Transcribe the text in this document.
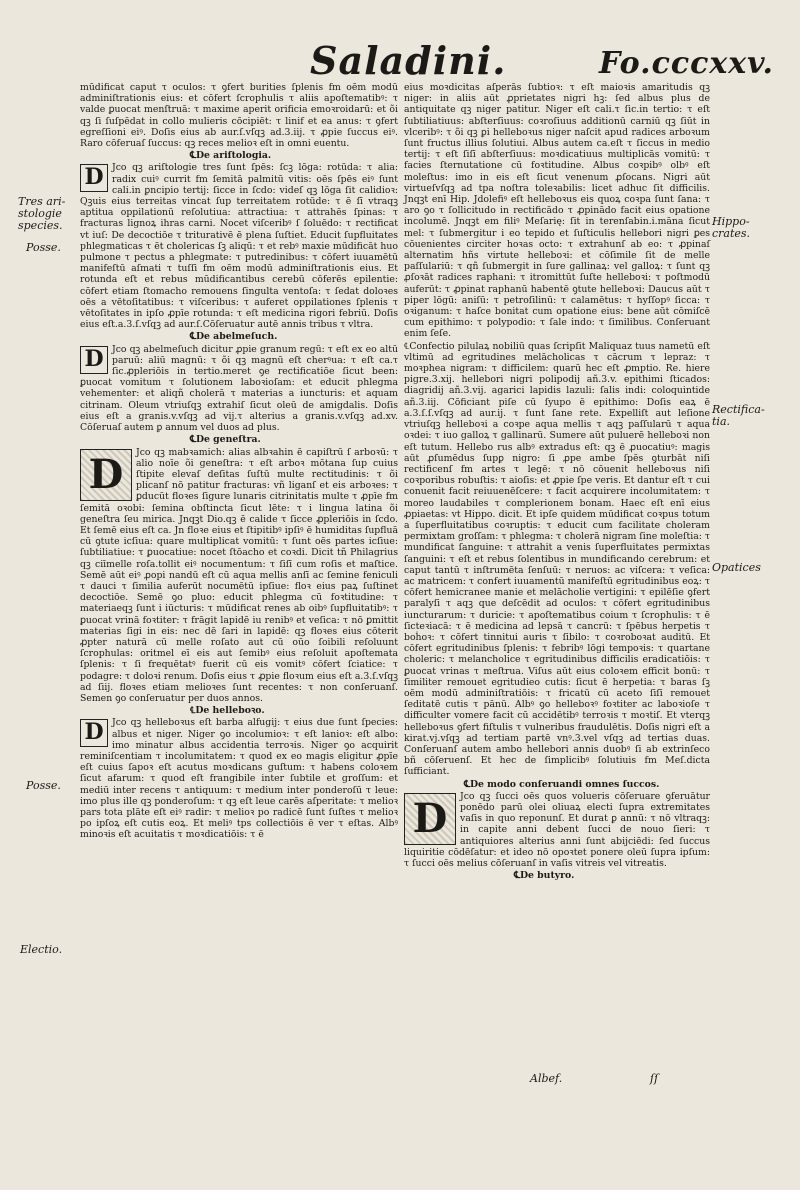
Saladini.	Fo.cccxxv.
Tres ari- stologie species.
Posse.
Posse.
Electio.
Hippo- crates.
Rectifica- tia.
Opatices

mūdificat caput τ oculos: τ ꝯfert burities ſplenis fm oēm modū adminiſtrationis eius: et cōfert ſcrophulis τ aliis apoſtematibꝰ: τ valde ꝑuocat menſtruā: τ maxime aperit orificia emoꝛroidarū: et õi qꝫ ſi ſuſpēdat in collo mulieris cōcipiēt: τ linif et ea anus: τ ꝯfert egreſſioni eiꝰ. Doſis eius ab aur.ſ.vſqꝫ ad.3.iij. τ ꝓpie ſuccus eiꝰ. Raro cōferuaſ ſuccus: qꝫ reces melioꝛ eſt in omni euentu.

℄De ariſtologia.

D Jco qꝫ ariſtologie tres ſunt ſpēs: ſcꝫ lōga: rotūda: τ alia: radix cuiꝰ currit fm ſemitā palmitū vitis: oēs ſpēs eiꝰ ſunt cali.in ꝑncipio tertij: ſicce in ſcdo: videſ qꝫ lōga ſit calidioꝛ: Qꝫuis eius terreitas vincat ſup terreitatem rotūde: τ ē ſī vtraqꝫ aptitua oppilationū reſolutiua: attractiua: τ attrahēs ſpinas: τ fracturas lignoꝝ ihras carni. Nocet viſceribꝰ ſ ſoluēdo: τ rectificat vt iuſ: De decoctiōe τ triturativē ē plena ſuſtiet. Educit ſupfluitates phlegmaticas τ ēt cholericas ſꝫ aliqū: τ et rebꝰ maxie mūdificāt huo pulmone τ pectus a phlegmate: τ putredinibus: τ cōfert iuuamētū manifeſtū aſmati τ tuſſi fm oēm modū adminiſtrationis eius. Et rotunda eſt et rebus mūdificantibus cerebū cōferēs epilentie: cōfert etiam ſtomacho remouens ſingulta ventoſa: τ ſedat doloꝛes oēs a vētoſitatibus: τ viſceribus: τ auferet oppilationes ſplenis τ vētoſitates in ipſo ꝓpīe rotunda: τ eſt medicina rigori febriū. Doſis eius eſt.a.3.ſ.vſqꝫ ad aur.ſ.Cōſeruatur autē annis tribus τ vltra.

℄De abelmeſuch.

D Jco qꝫ abelmeſuch dicitur ꝓpie granum regū: τ eſt ex eo altū paruū: aliū magnū: τ õi qꝫ magnū eſt cherꝰua: τ eſt ca.τ ſic.ꝓpleriōis in tertio.meret ꝯe rectificatiōe ſicut been: ꝑuocat vomitum τ ſolutionem laboꝛioſam: et educit phlegma vehementer: et aliqñ cholerā τ materias a iuncturis: et aquam citrinam. Oleum vtriuſqꝫ extrahiſ ſicut oleū de amigdalis. Doſis eius eſt a granis.v.vſqꝫ ad vij.τ alterius a granis.v.vſqꝫ ad.xv. Cōſeruaſ autem ꝑ annum vel duos ad plus.

℄De geneſtra.

D	Jco qꝫ mabꝛamich: alias albꝛahin ē capiſtrū ſ arboꝛū: τ alio noīe õi geneſtra: τ eſt arboꝛ mōtana ſup cuius ſtipite elevaſ deſitas ſuſtū multe rectitudinis: τ õi plicanſ nō patitur fracturas: vñ liganſ et eis arboꝛes: τ ꝑducūt floꝛes ſigure lunaris citrinitatis multe τ ꝓpīe fm ſemitā oꝛobi: ſemina obſtincta ſicut lēte: τ i lingua latina õi geneſtra ſeu mirica. Jnqꝫt Dio.qꝫ ē calide τ ſicce ꝓpleriōis in ſcdo. Et ſemē eius eſt ca. Jn floꝛe eius et ſtipitibꝰ ipſiꝰ ē humiditas ſupfluā cū ꝯtute icſiua: quare multiplicat vomitū: τ ſunt oēs partes icſiue: ſubtiliatiue: τ ꝑuocatiue: nocet ſtōacho et coꝛdi. Dicit tñ Philagrius qꝫ ciīmelle roſa.tollit eiꝰ nocumentum: τ ſiſī cum roſis et maſtice. Semē aūt eiꝰ ꝓopi nandū eſt cū aqua mellis anſī ac ſemine feniculi τ dauci τ ſimilia auferūt nocumētū ipſiue: floꝛ eius paꝝ ſuſtinet decoctiōe. Semē ꝯo pluo: educit phlegma cū foꝛtitudine: τ materiaeqꝫ ſunt i iūcturis: τ mūdificat renes ab oibꝰ ſupfluitatibꝰ: τ ꝑuocat vrinā foꝛtiter: τ frāgit lapidē iu renibꝰ et veſica: τ nō ꝑmittit materias ſigi in eis: nec dē ſari in lapidē: qꝫ floꝛes eius cōterit ꝓpter naturā cū melle roſato aut cū oūo ſoibili reſoluunt ſcrophulas: oritmel eī eis aut ſemibꝰ eius reſoluit apoſtemata ſplenis: τ ſi frequētatꝰ fuerit cū eis vomitꝰ cōfert ſciatice: τ podagre: τ doloꝛi renum. Doſis eius τ ꝓpie floꝛum eius eſt a.3.ſ.vſqꝫ ad ſiij. floꝛes etiam melioꝛes ſunt recentes: τ non conſeruanſ. Semen ꝯo conſeruatur per duos annos.

℄De helleboꝛo.

D Jco qꝫ helleboꝛus eſt barba alfugij: τ eius due ſunt ſpecies: albus et niger. Niger ꝯo incolumioꝛ: τ eſt lanioꝛ: eſt albo: imo minatur albus accidentia terroꝛis. Niger ꝯo acquirit reminiſcentiam τ incolumitatem: τ quod ex eo magis eligitur ꝓpīe eſt cuius ſapoꝛ eſt acutus moꝛdicans guſtum: τ habens coloꝛem ſicut afarum: τ quod eſt frangibile inter ſubtile et groſſum: et mediū inter recens τ antiquum: τ medium inter ponderoſū τ leue: imo plus ille qꝫ ponderoſum: τ qꝫ eſt leue carēs aſperitate: τ melioꝛ pars tota plāte eſt eiꝰ radir: τ melioꝛ po radicē ſunt ſuſtes τ melioꝛ po ipſoꝝ eſt cutis eoꝝ. Et meliꝰ tps collectiōis ē ver τ eſtas. Albꝰ minoꝛis eſt acuitatis τ moꝛdicatiōis: τ ē

eius moꝛdicitas aſperās ſubtioꝛ: τ eſt maioꝛis amaritudis qꝫ niger: in aliis aūt ꝓprietates nigri hꝫ: ſed albus plus de antiquitate qꝫ niger patitur. Niger eſt cali.τ ſic.in tertio: τ eſt ſubtiliatiuus: abſterſiuus: coꝛroſiuus additionū carniū qꝫ ſiūt in vlceribꝰ: τ õi qꝫ ꝑi helleboꝛus niger naſcit apud radices arboꝛum ſunt fructus illius ſolutiui. Albus autem ca.eſt τ ſiccus in medio tertij: τ eſt ſiſī abſterſiuus: moꝛdicatiuus multiplicās vomitū: τ facies ſternutatione cū foꝛtitudine. Albus coꝛpibꝰ olbꝰ eſt moleſtus: imo in eis eſt ſicut venenum ꝓſocans. Nigri aūt virtueſvſqꝫ ad tpa noſtra toleꝛabilis: licet adhuc ſit difficilis. Jnqꝫt enī Hip. Jdolefiꝰ eſt helleboꝛus eis quoꝝ coꝛpa ſunt ſana: τ aro ꝯo τ ſollicitudo in rectificādo τ ꝓpinādo facit eius opatione incolumē. Jnqꝫt em filiꝰ Meſarię: ſit in terenſabin.i.māna ſicut mel: τ ſubmergitur i eo tepido et ſuſticulis hellebori nigri ꝑes cōuenientes circiter hoꝛas octo: τ extrahunſ ab eo: τ ꝓpinaſ alternatim hñs virtute helleboꝛi: et cōſimile ſit de melle paſſulariū: τ qñ ſubmergit in ſure gallinaꝝ: vel galloꝝ: τ ſunt qꝫ ꝓſoꝛāt radices raphani: τ itromittūt ſuſte helleboꝛi: τ poſtmodū auferūt: τ ꝓpinat raphanū habentē ꝯtute helleboꝛi: Daucus aūt τ piper lōgū: aniſū: τ petroſilinū: τ calamētus: τ hyſſopꝰ ſicca: τ oꝛiganum: τ haſce bonitat cum opatione eius: bene aūt cōmiſcē cum epithimo: τ polypodio: τ ſale indo: τ ſimilibus. Conſeruant enim ſeſe.

℄Confectio pilulaꝝ nobiliū quas ſcripſit Maliquaz tuus nametū eſt vltimū ad egritudines melācholicas τ cācrum τ lepraz: τ moꝛphea nigram: τ difficilem: quarū hec eſt ꝓmptio. Re. hiere pigre.3.xij. hellebori nigri polipodij añ.3.v. epithimi ſticados: diagridij añ.3.vij. agarici lapidis lazuli: ſalis indi: coloquintide añ.3.iij. Cōficiant piſe cū ſyupo ē epithimo: Doſis eaꝝ ē a.3.ſ.ſ.vſqꝫ ad aur.ij. τ ſunt ſane rete. Expelliſt aut leſione vtriuſqꝫ helleboꝛi a coꝛpe aqua mellis τ aqꝫ paſſularū τ aqua oꝛdei: τ iuo galloꝝ τ gallinarū. Sumere aūt puluerē helleboꝛi non eſt tutum. Hellebo rus albꝰ extradus eſt: qꝫ ē ꝓuocatiuꝰ: magis aūt ꝓſumēdus ſupꝑ nigro: ſi ꝓpe ambe ſpēs ꝯturbāt niſi rectificenſ fm artes τ legē: τ nō cōuenit helleboꝛus niſi coꝛporibus robuſtis: τ aioſis: et ꝓpie ſpe veris. Et dantur eſt τ cui conuenit facit reiuuenēſcere: τ facit acquirere incolumitatem: τ moreo laudabiles τ complerionem bonam. Haec eſt enī eius ꝓpiaetas: vt Hippo. dicit. Et ipſe quidem mūdificat coꝛpus totum a ſuperfluitatibus coꝛruptis: τ educit cum facilitate choleram permixtam groſſam: τ phlegma: τ cholerā nigram ſine moleſtia: τ mundificat ſanguine: τ attrahit a venis ſuperfluitates permixtas ſanguini: τ eſt et rebus ſolentibus in mundificando cerebrum: et caput tantū τ inſtrumēta ſenſuū: τ neruos: ac viſcera: τ veſica: ac matricem: τ confert iuuamentū manifeſtū egritudinibus eoꝝ: τ cōfert hemicranee manie et melācholie vertigini: τ epilēſie ꝯfert paralyſi τ aqꝫ que deſcēdit ad oculos: τ cōfert egritudinibus iuncturarum: τ duricie: τ apoſtematibus coium τ ſcrophulis: τ ē ſicteꝛiacā: τ ē medicina ad lepsā τ cancrū: τ ſpēbus herpetis τ boḣoꝛ: τ cōfert tinnitui auris τ ſibilo: τ coꝛroboꝛat auditū. Et cōfert egritudinibus ſplenis: τ febribꝰ lōgi tempoꝛis: τ quartane choleric: τ melancholice τ egritudinibus difficilis eradicatiōis: τ ꝑuocat vrinas τ meſtrua. Viſus aūt eius coloꝛem efficit bonū: τ ſimiliter remouet egritudieo cutis: ſicut ē herpetia: τ baras ſꝫ oēm modū adminiſtratiōis: τ fricatū cū aceto ſiſī remouet ſeditatē cutis τ pānū. Albꝰ ꝯo helleboꝛꝰ foꝛtiter ac laboꝛioſe τ difficulter vomere facit cū accidētibꝰ terroꝛis τ moꝛtiſ. Et vterqꝫ helleboꝛus ꝯfert fiſtulis τ vulneribus fraudulētis. Doſis nigri eſt a kirat.vj.vſqꝫ ad tertiam partē vnꝰ.3.vel vſqꝫ ad tertias duas. Conſeruanſ autem ambo hellebori annis duobꝰ ſi ab extrinſeco bñ cōſeruenſ. Et hec de ſimplicibꝰ ſolutiuis fm Meſ.dicta ſufficiant.

℄De modo conſeruandi omnes ſuccos.

D	Jco qꝫ ſucci oēs quos volueris cōſeruare ꝯferuātur ponēdo parū olei oliuaꝝ electi ſupra extremitates vaſis in quo reponunſ. Et durat ꝑ annū: τ nō vltraqꝫ: in capite anni debent ſucci de nouo ſieri: τ antiquiores alterius anni ſunt abijciēdi: ſed ſuccus liquiritie cōdēſatur: et ideo nō opoꝛtet ponere oleū ſupra ipſum: τ ſucci oēs melius cōſeruanſ in vaſis vitreis vel vitreatis.

℄De butyro.

Albef.	ſſ
